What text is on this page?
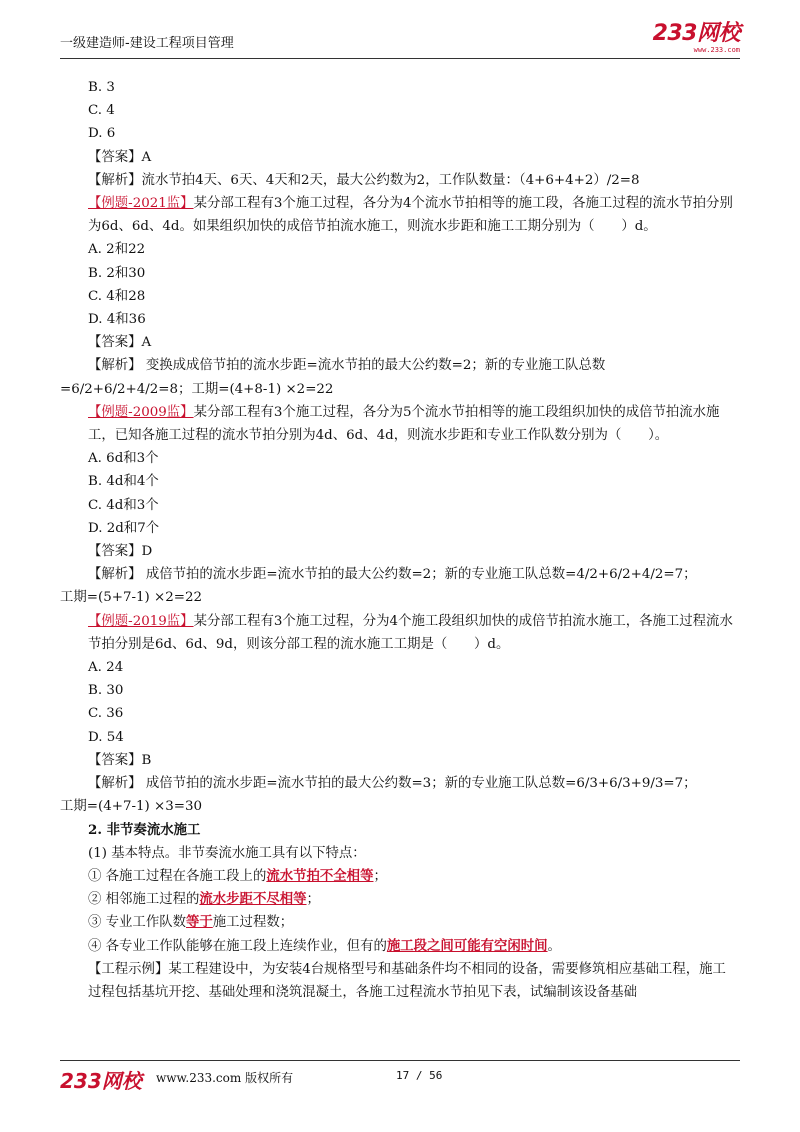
一级建造师-建设工程项目管理	233网校
www.233.com
B. 3
C. 4
D. 6
【答案】A
【解析】流水节拍4天、6天、4天和2天，最大公约数为2，工作队数量：（4+6+4+2）/2=8
【例题-2021监】某分部工程有3个施工过程，各分为4个流水节拍相等的施工段，各施工过程的流水节拍分别为6d、6d、4d。如果组织加快的成倍节拍流水施工，则流水步距和施工工期分别为（　　）d。
A. 2和22
B. 2和30
C. 4和28
D. 4和36
【答案】A
【解析】 变换成成倍节拍的流水步距=流水节拍的最大公约数=2；新的专业施工队总数
=6/2+6/2+4/2=8；工期=(4+8-1) ×2=22
【例题-2009监】某分部工程有3个施工过程，各分为5个流水节拍相等的施工段组织加快的成倍节拍流水施工，已知各施工过程的流水节拍分别为4d、6d、4d，则流水步距和专业工作队数分别为（　　）。
A. 6d和3个
B. 4d和4个
C. 4d和3个
D. 2d和7个
【答案】D
【解析】 成倍节拍的流水步距=流水节拍的最大公约数=2；新的专业施工队总数=4/2+6/2+4/2=7；
工期=(5+7-1) ×2=22
【例题-2019监】某分部工程有3个施工过程，分为4个施工段组织加快的成倍节拍流水施工，各施工过程流水节拍分别是6d、6d、9d，则该分部工程的流水施工工期是（　　）d。
A. 24
B. 30
C. 36
D. 54
【答案】B
【解析】 成倍节拍的流水步距=流水节拍的最大公约数=3；新的专业施工队总数=6/3+6/3+9/3=7；
工期=(4+7-1) ×3=30
2. 非节奏流水施工
(1) 基本特点。非节奏流水施工具有以下特点：
① 各施工过程在各施工段上的流水节拍不全相等；
② 相邻施工过程的流水步距不尽相等；
③ 专业工作队数等于施工过程数；
④ 各专业工作队能够在施工段上连续作业，但有的施工段之间可能有空闲时间。
【工程示例】某工程建设中，为安装4台规格型号和基础条件均不相同的设备，需要修筑相应基础工程，施工过程包括基坑开挖、基础处理和浇筑混凝土，各施工过程流水节拍见下表，试编制该设备基础
233网校 www.233.com 版权所有	17 / 56
